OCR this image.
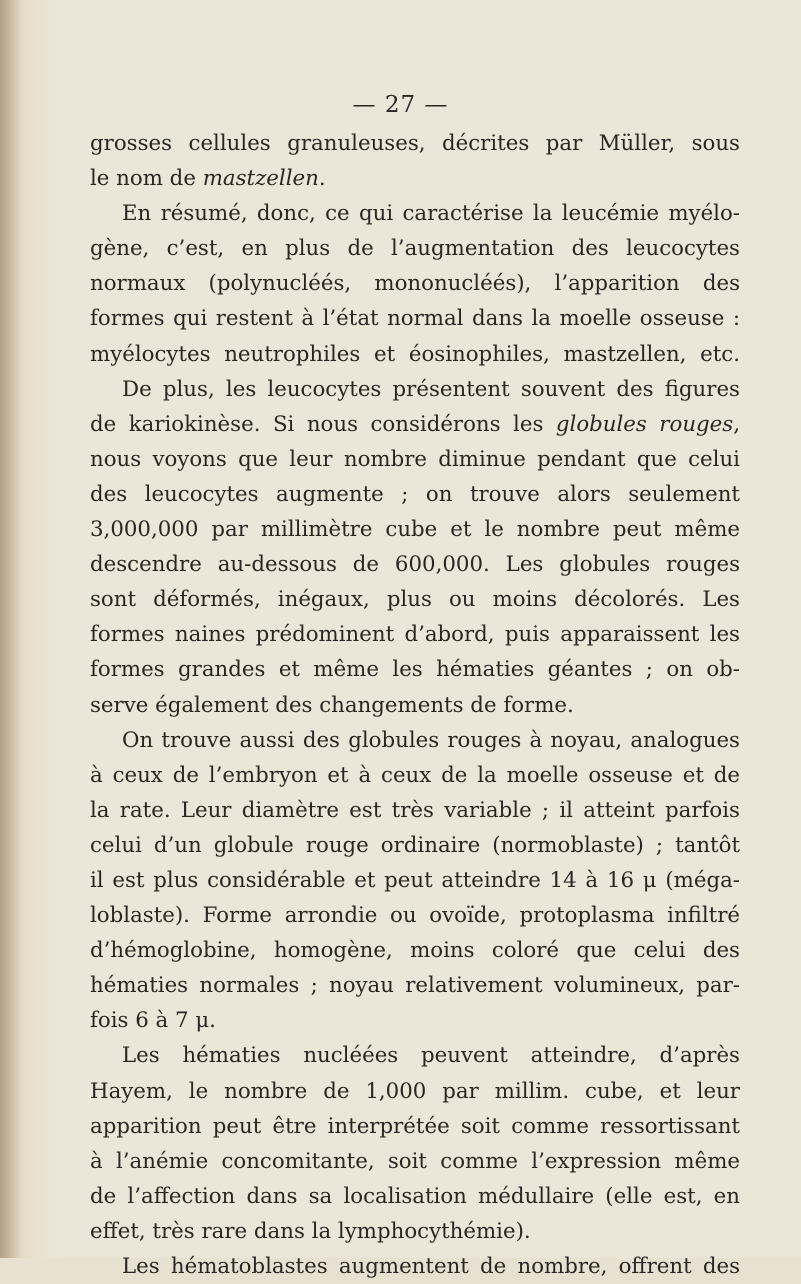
— 27 —
grosses cellules granuleuses, décrites par Müller, sous
le nom de mastzellen.
En résumé, donc, ce qui caractérise la leucémie myélo-
gène, c’est, en plus de l’augmentation des leucocytes
normaux (polynucléés, mononucléés), l’apparition des
formes qui restent à l’état normal dans la moelle osseuse :
myélocytes neutrophiles et éosinophiles, mastzellen, etc.
De plus, les leucocytes présentent souvent des figures
de kariokinèse. Si nous considérons les globules rouges,
nous voyons que leur nombre diminue pendant que celui
des leucocytes augmente ; on trouve alors seulement
3,000,000 par millimètre cube et le nombre peut même
descendre au-dessous de 600,000. Les globules rouges
sont déformés, inégaux, plus ou moins décolorés. Les
formes naines prédominent d’abord, puis apparaissent les
formes grandes et même les hématies géantes ; on ob-
serve également des changements de forme.
On trouve aussi des globules rouges à noyau, analogues
à ceux de l’embryon et à ceux de la moelle osseuse et de
la rate. Leur diamètre est très variable ; il atteint parfois
celui d’un globule rouge ordinaire (normoblaste) ; tantôt
il est plus considérable et peut atteindre 14 à 16 μ (méga-
loblaste). Forme arrondie ou ovoïde, protoplasma infiltré
d’hémoglobine, homogène, moins coloré que celui des
hématies normales ; noyau relativement volumineux, par-
fois 6 à 7 μ.
Les hématies nucléées peuvent atteindre, d’après
Hayem, le nombre de 1,000 par millim. cube, et leur
apparition peut être interprétée soit comme ressortissant
à l’anémie concomitante, soit comme l’expression même
de l’affection dans sa localisation médullaire (elle est, en
effet, très rare dans la lymphocythémie).
Les hématoblastes augmentent de nombre, offrent des
